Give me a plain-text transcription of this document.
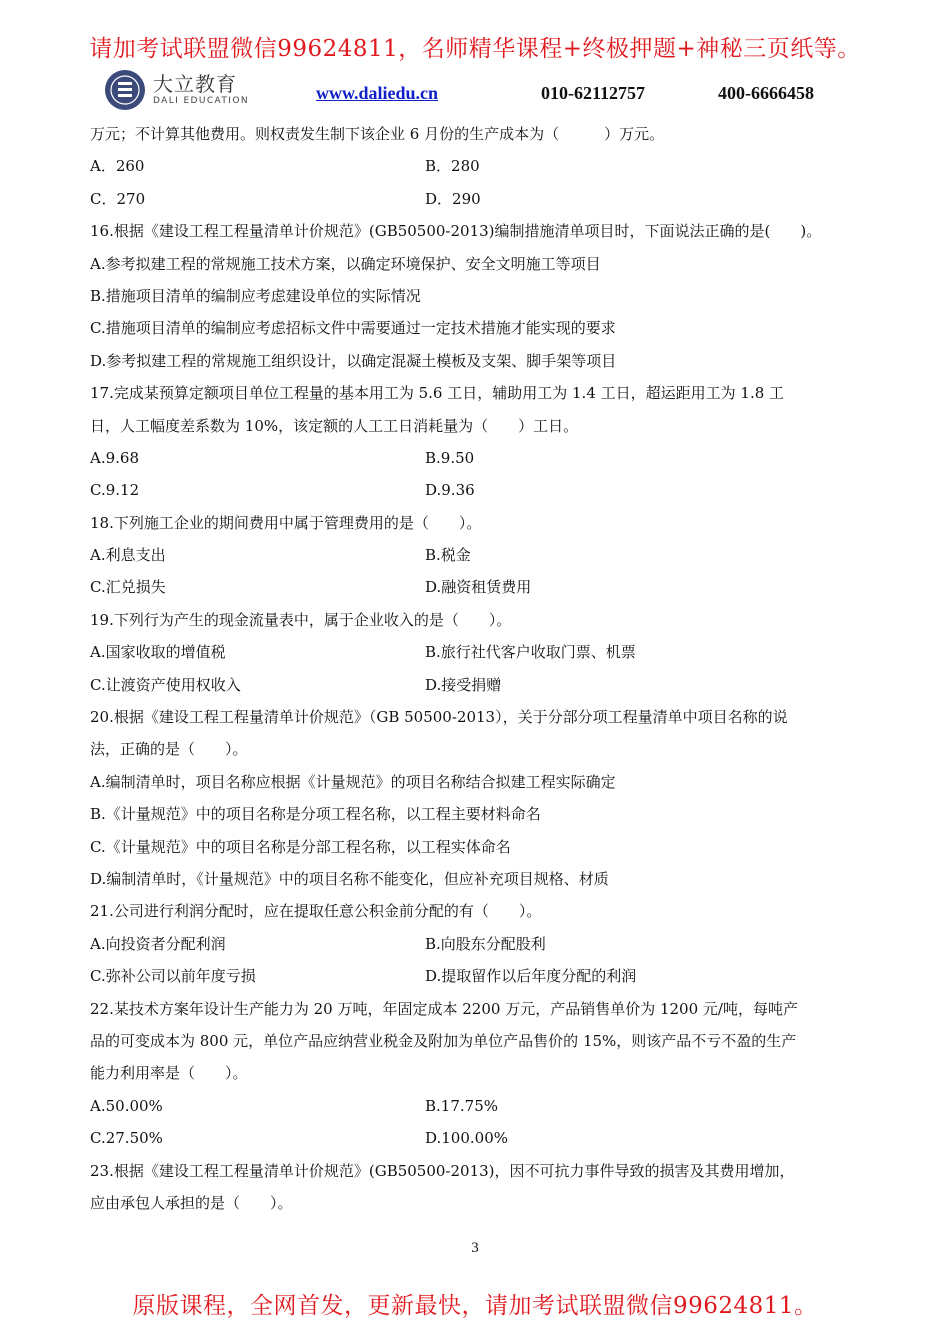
请加考试联盟微信99624811，名师精华课程+终极押题+神秘三页纸等。
大立教育
DALI EDUCATION	www.daliedu.cn	010-62112757	400-6666458
万元；不计算其他费用。则权责发生制下该企业 6 月份的生产成本为（　　　）万元。
A．260	B．280
C．270	D．290
16.根据《建设工程工程量清单计价规范》(GB50500-2013)编制措施清单项目时，下面说法正确的是(　　)。
A.参考拟建工程的常规施工技术方案，以确定环境保护、安全文明施工等项目
B.措施项目清单的编制应考虑建设单位的实际情况
C.措施项目清单的编制应考虑招标文件中需要通过一定技术措施才能实现的要求
D.参考拟建工程的常规施工组织设计，以确定混凝土模板及支架、脚手架等项目
17.完成某预算定额项目单位工程量的基本用工为 5.6 工日，辅助用工为 1.4 工日，超运距用工为 1.8 工
日，人工幅度差系数为 10%，该定额的人工工日消耗量为（　　）工日。
A.9.68	B.9.50
C.9.12	D.9.36
18.下列施工企业的期间费用中属于管理费用的是（　　）。
A.利息支出	B.税金
C.汇兑损失	D.融资租赁费用
19.下列行为产生的现金流量表中，属于企业收入的是（　　）。
A.国家收取的增值税	B.旅行社代客户收取门票、机票
C.让渡资产使用权收入	D.接受捐赠
20.根据《建设工程工程量清单计价规范》（GB 50500-2013），关于分部分项工程量清单中项目名称的说
法，正确的是（　　）。
A.编制清单时，项目名称应根据《计量规范》的项目名称结合拟建工程实际确定
B.《计量规范》中的项目名称是分项工程名称，以工程主要材料命名
C.《计量规范》中的项目名称是分部工程名称，以工程实体命名
D.编制清单时，《计量规范》中的项目名称不能变化，但应补充项目规格、材质
21.公司进行利润分配时，应在提取任意公积金前分配的有（　　）。
A.向投资者分配利润	B.向股东分配股利
C.弥补公司以前年度亏损	D.提取留作以后年度分配的利润
22.某技术方案年设计生产能力为 20 万吨，年固定成本 2200 万元，产品销售单价为 1200 元/吨，每吨产
品的可变成本为 800 元，单位产品应纳营业税金及附加为单位产品售价的 15%，则该产品不亏不盈的生产
能力利用率是（　　）。
A.50.00%	B.17.75%
C.27.50%	D.100.00%
23.根据《建设工程工程量清单计价规范》(GB50500-2013)，因不可抗力事件导致的损害及其费用增加，
应由承包人承担的是（　　）。
3
原版课程，全网首发，更新最快，请加考试联盟微信99624811。
